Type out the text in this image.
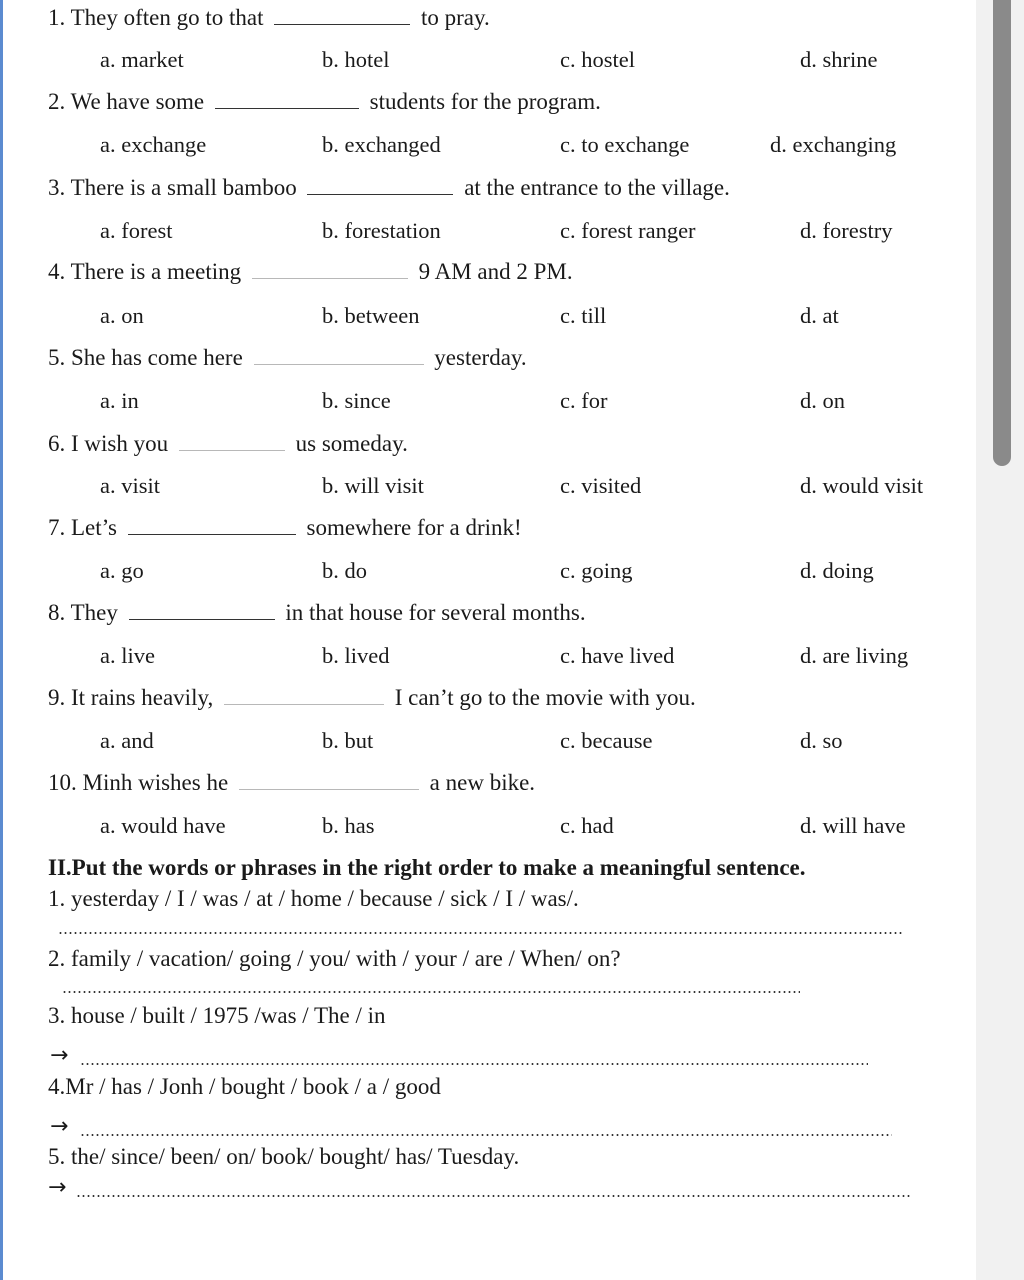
1. They often go to that	to pray.
a. market	b. hotel	c. hostel	d. shrine
2. We have some	students for the program.
a. exchange	b. exchanged	c. to exchange	d. exchanging
3. There is a small bamboo	at the entrance to the village.
a. forest	b. forestation	c. forest ranger	d. forestry
4. There is a meeting	9 AM and 2 PM.
a. on	b. between	c. till	d. at
5. She has come here	yesterday.
a. in	b. since	c. for	d. on
6. I wish you	us someday.
a. visit	b. will visit	c. visited	d. would visit
7. Let’s	somewhere for a drink!
a. go	b. do	c. going	d. doing
8. They	in that house for several months.
a. live	b. lived	c. have lived	d. are living
9. It rains heavily,	I can’t go to the movie with you.
a. and	b. but	c. because	d. so
10. Minh wishes he	a new bike.
a. would have	b. has	c. had	d. will have
II.Put the words or phrases in the right order to make a meaningful sentence.
1. yesterday / I / was / at / home / because / sick / I / was/.
2. family / vacation/ going / you/ with / your / are / When/ on?
3. house / built / 1975 /was / The / in
→
4.Mr / has / Jonh / bought / book / a / good
→
5. the/ since/ been/ on/ book/ bought/ has/ Tuesday.
→
